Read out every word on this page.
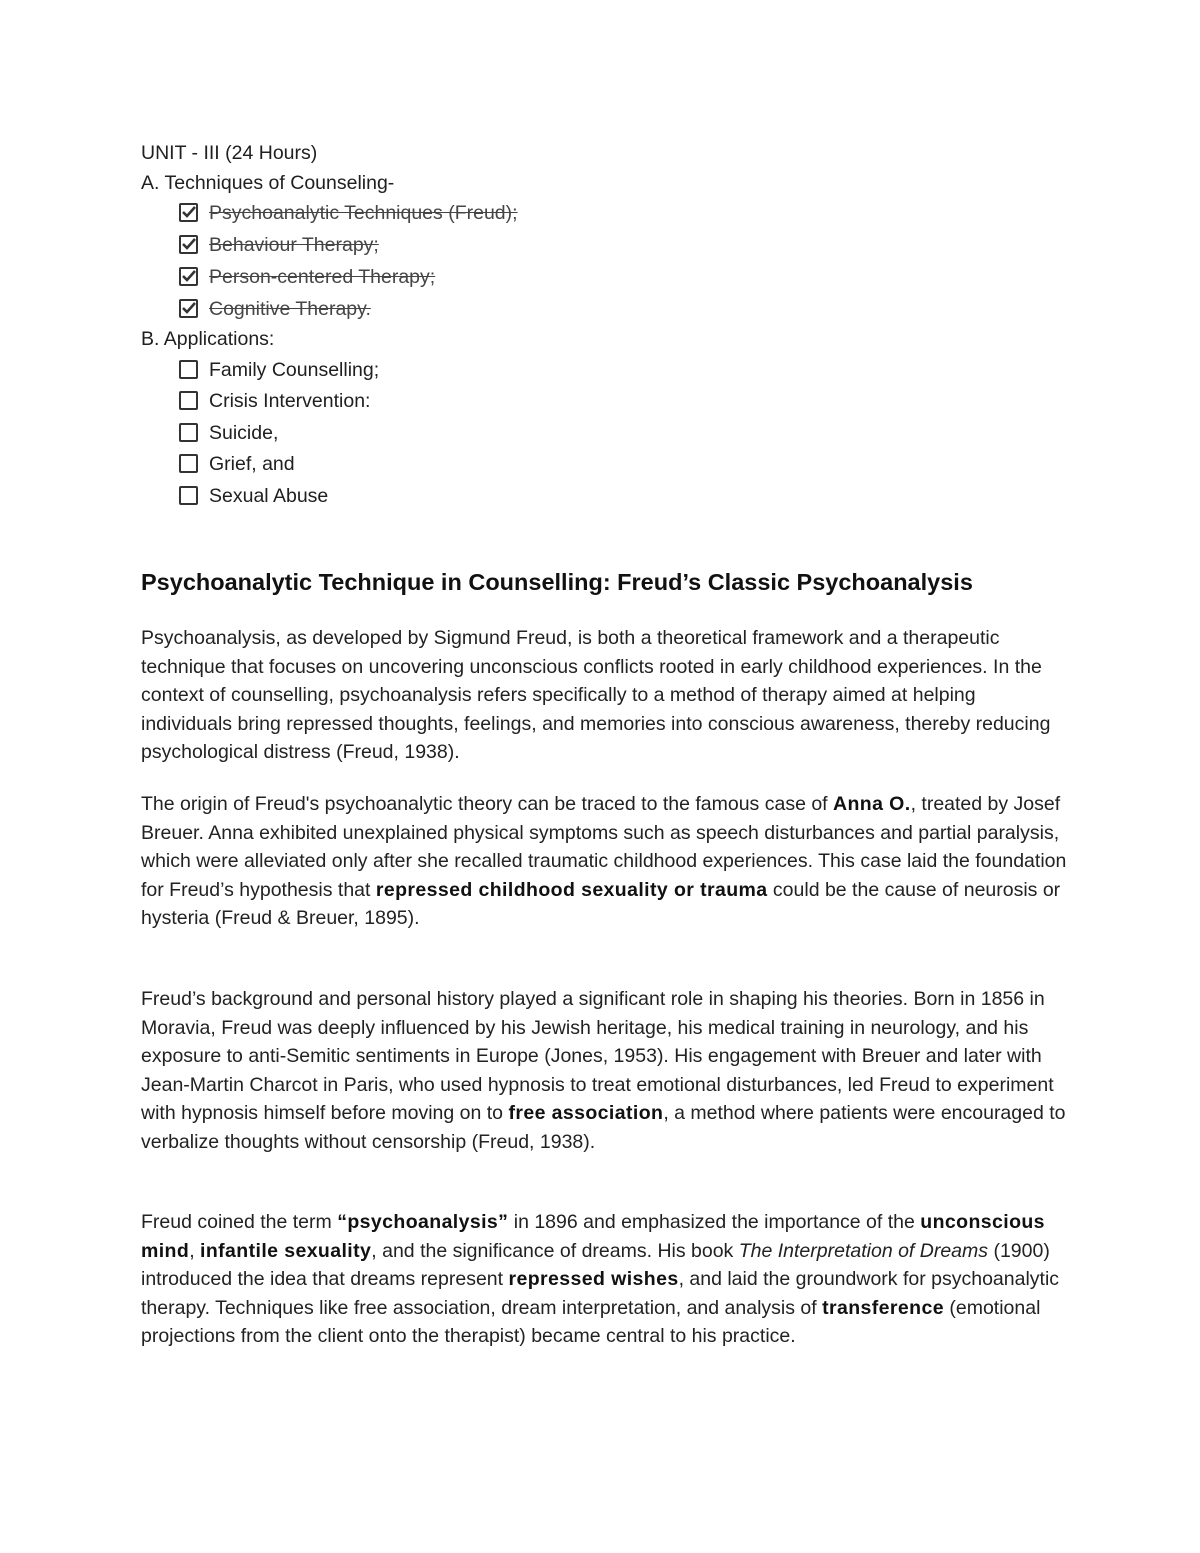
UNIT - III (24 Hours)
A. Techniques of Counseling-
Psychoanalytic Techniques (Freud);
Behaviour Therapy;
Person-centered Therapy;
Cognitive Therapy.
B. Applications:
Family Counselling;
Crisis Intervention:
Suicide,
Grief, and
Sexual Abuse
Psychoanalytic Technique in Counselling: Freud’s Classic Psychoanalysis

Psychoanalysis, as developed by Sigmund Freud, is both a theoretical framework and a therapeutic technique that focuses on uncovering unconscious conflicts rooted in early childhood experiences. In the context of counselling, psychoanalysis refers specifically to a method of therapy aimed at helping individuals bring repressed thoughts, feelings, and memories into conscious awareness, thereby reducing psychological distress (Freud, 1938).

The origin of Freud's psychoanalytic theory can be traced to the famous case of Anna O., treated by Josef Breuer. Anna exhibited unexplained physical symptoms such as speech disturbances and partial paralysis, which were alleviated only after she recalled traumatic childhood experiences. This case laid the foundation for Freud’s hypothesis that repressed childhood sexuality or trauma could be the cause of neurosis or hysteria (Freud & Breuer, 1895).

Freud’s background and personal history played a significant role in shaping his theories. Born in 1856 in Moravia, Freud was deeply influenced by his Jewish heritage, his medical training in neurology, and his exposure to anti-Semitic sentiments in Europe (Jones, 1953). His engagement with Breuer and later with Jean-Martin Charcot in Paris, who used hypnosis to treat emotional disturbances, led Freud to experiment with hypnosis himself before moving on to free association, a method where patients were encouraged to verbalize thoughts without censorship (Freud, 1938).

Freud coined the term “psychoanalysis” in 1896 and emphasized the importance of the unconscious mind, infantile sexuality, and the significance of dreams. His book The Interpretation of Dreams (1900) introduced the idea that dreams represent repressed wishes, and laid the groundwork for psychoanalytic therapy. Techniques like free association, dream interpretation, and analysis of transference (emotional projections from the client onto the therapist) became central to his practice.
